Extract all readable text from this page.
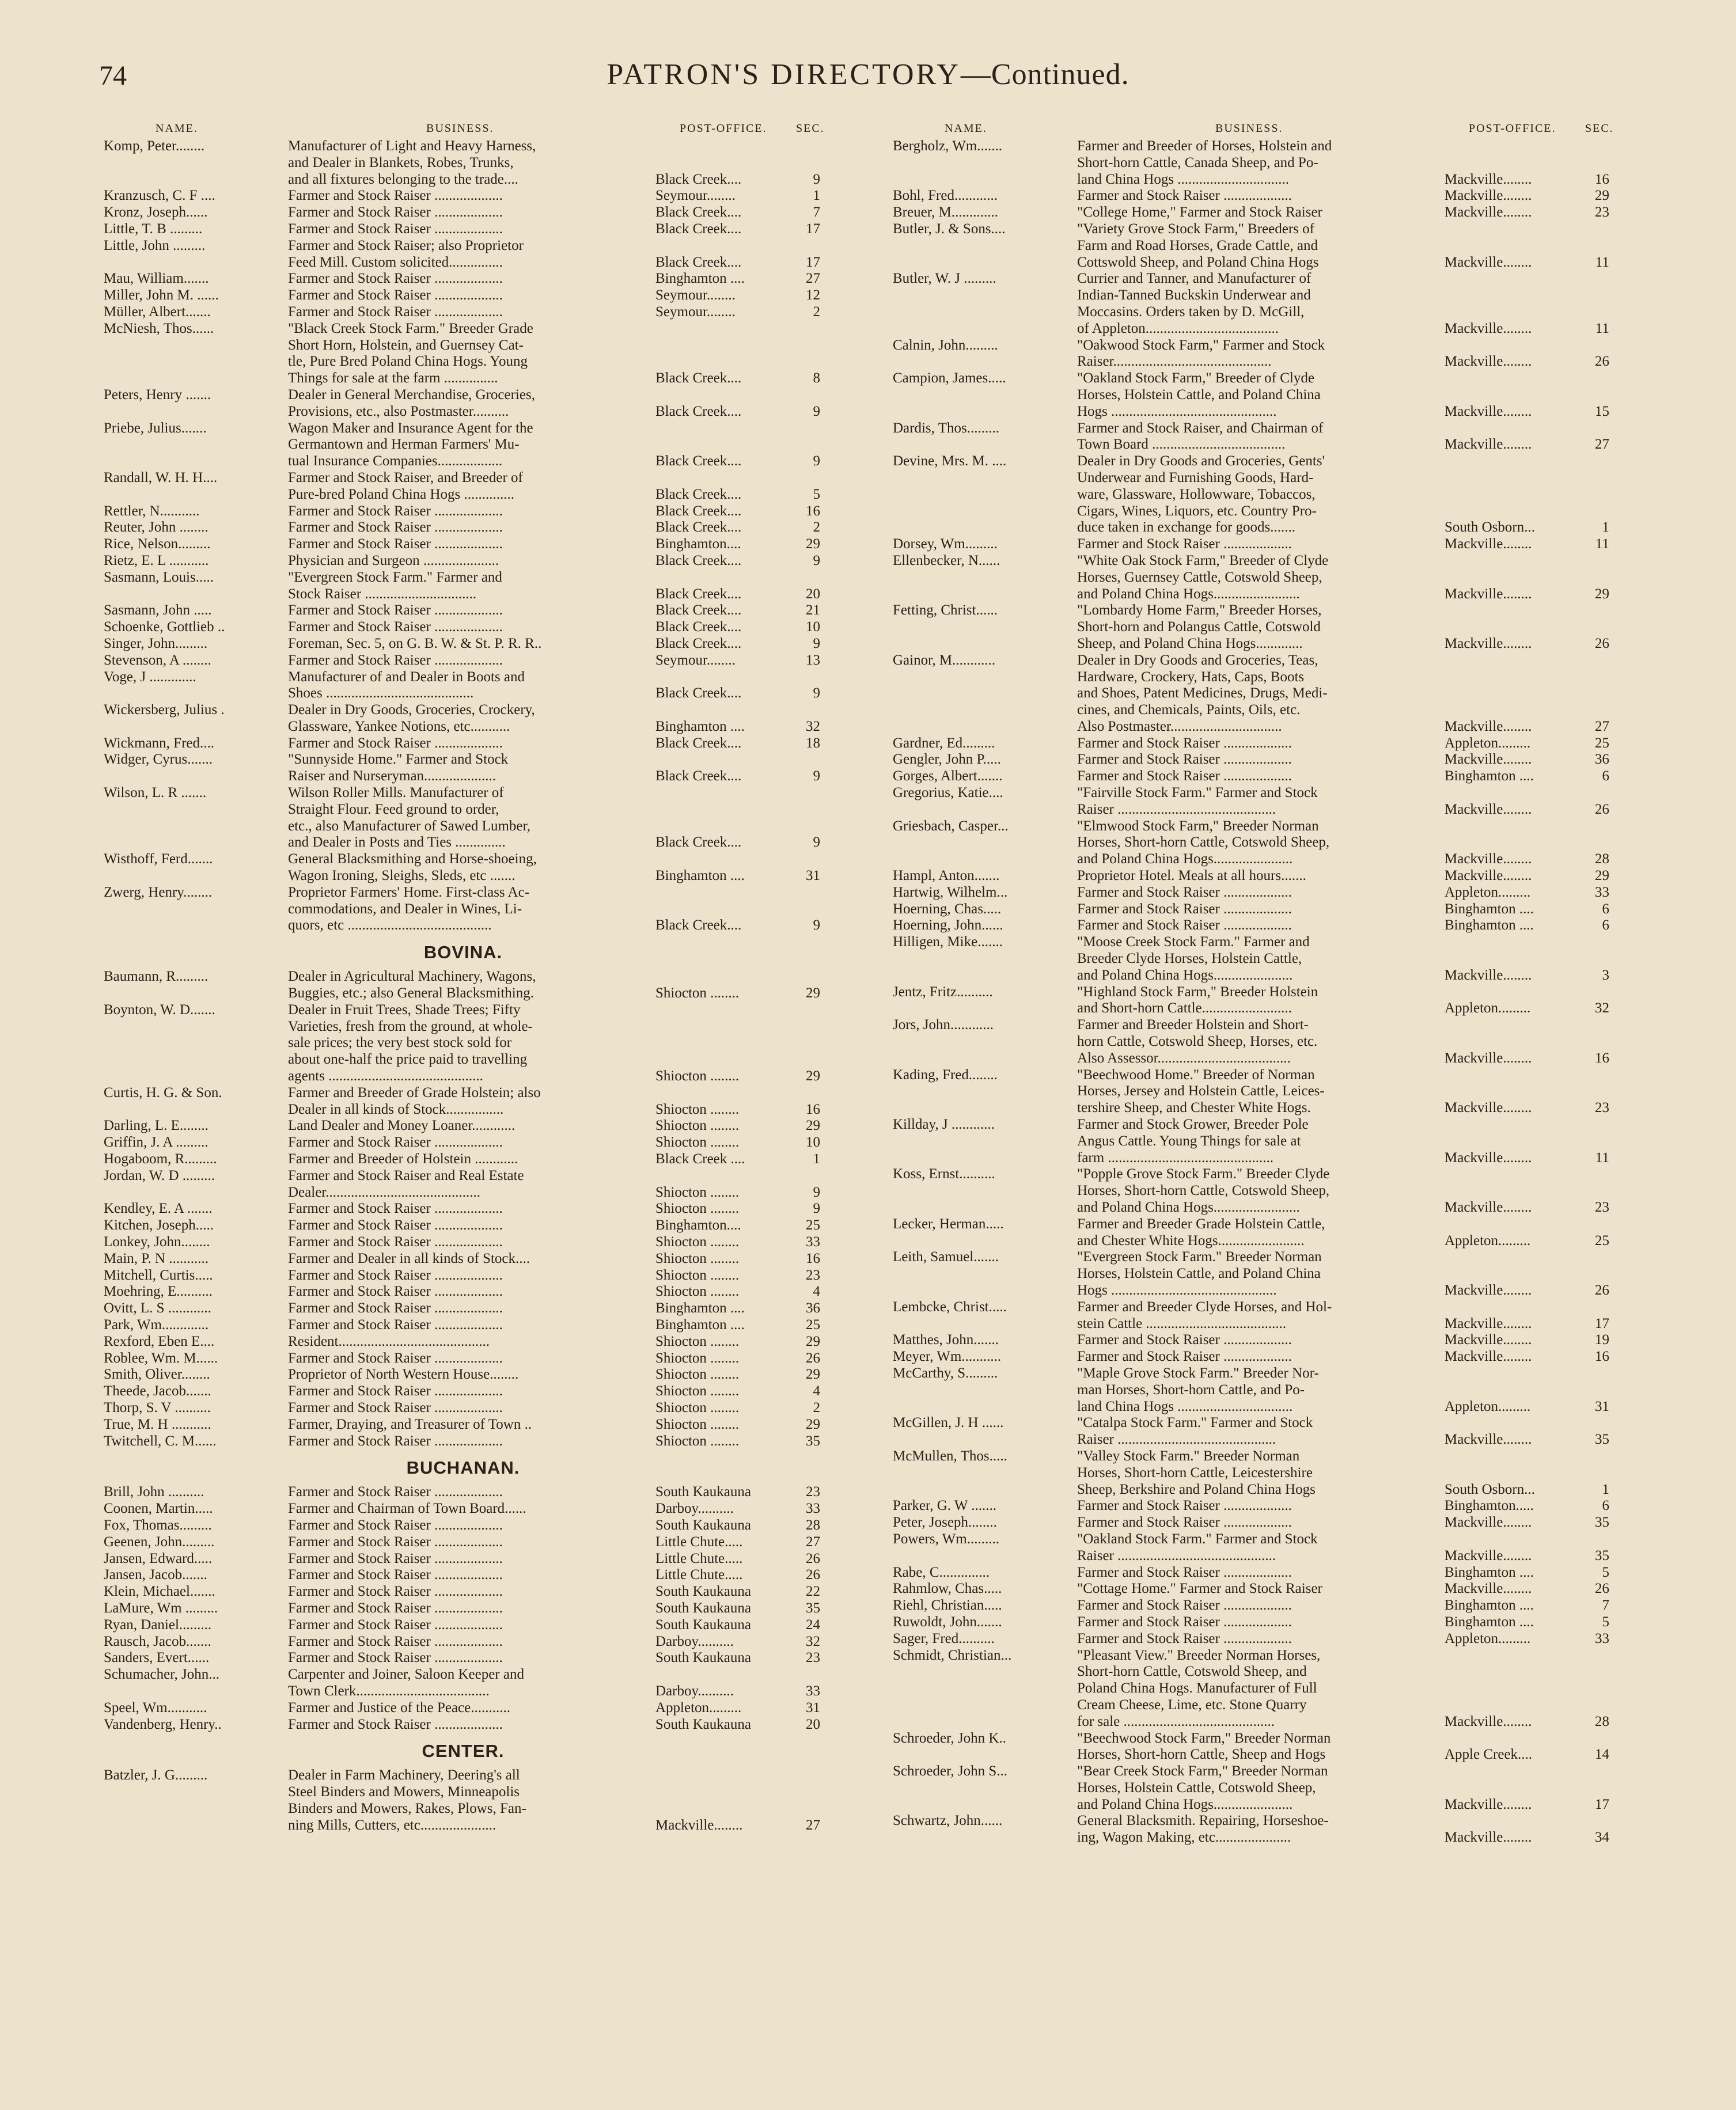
74	PATRON'S DIRECTORY—Continued.
NAME.	BUSINESS.	POST-OFFICE.	SEC.
Komp, Peter........	Manufacturer of Light and Heavy Harness,
and Dealer in Blankets, Robes, Trunks,
and all fixtures belonging to the trade....	Black Creek....	9
Kranzusch, C. F ....	Farmer and Stock Raiser ...................	Seymour........	1
Kronz, Joseph......	Farmer and Stock Raiser ...................	Black Creek....	7
Little, T. B .........	Farmer and Stock Raiser ...................	Black Creek....	17
Little, John .........	Farmer and Stock Raiser; also Proprietor
Feed Mill. Custom solicited...............	Black Creek....	17
Mau, William.......	Farmer and Stock Raiser ...................	Binghamton ....	27
Miller, John M. ......	Farmer and Stock Raiser ...................	Seymour........	12
Müller, Albert.......	Farmer and Stock Raiser ...................	Seymour........	2
McNiesh, Thos......	"Black Creek Stock Farm." Breeder Grade
Short Horn, Holstein, and Guernsey Cat-
tle, Pure Bred Poland China Hogs. Young
Things for sale at the farm ...............	Black Creek....	8
Peters, Henry .......	Dealer in General Merchandise, Groceries,
Provisions, etc., also Postmaster..........	Black Creek....	9
Priebe, Julius.......	Wagon Maker and Insurance Agent for the
Germantown and Herman Farmers' Mu-
tual Insurance Companies..................	Black Creek....	9
Randall, W. H. H....	Farmer and Stock Raiser, and Breeder of
Pure-bred Poland China Hogs ..............	Black Creek....	5
Rettler, N...........	Farmer and Stock Raiser ...................	Black Creek....	16
Reuter, John ........	Farmer and Stock Raiser ...................	Black Creek....	2
Rice, Nelson.........	Farmer and Stock Raiser ...................	Binghamton....	29
Rietz, E. L ...........	Physician and Surgeon .....................	Black Creek....	9
Sasmann, Louis.....	"Evergreen Stock Farm." Farmer and
Stock Raiser ...............................	Black Creek....	20
Sasmann, John .....	Farmer and Stock Raiser ...................	Black Creek....	21
Schoenke, Gottlieb ..	Farmer and Stock Raiser ...................	Black Creek....	10
Singer, John.........	Foreman, Sec. 5, on G. B. W. & St. P. R. R..	Black Creek....	9
Stevenson, A ........	Farmer and Stock Raiser ...................	Seymour........	13
Voge, J .............	Manufacturer of and Dealer in Boots and
Shoes .........................................	Black Creek....	9
Wickersberg, Julius .	Dealer in Dry Goods, Groceries, Crockery,
Glassware, Yankee Notions, etc...........	Binghamton ....	32
Wickmann, Fred....	Farmer and Stock Raiser ...................	Black Creek....	18
Widger, Cyrus.......	"Sunnyside Home." Farmer and Stock
Raiser and Nurseryman....................	Black Creek....	9
Wilson, L. R .......	Wilson Roller Mills. Manufacturer of
Straight Flour. Feed ground to order,
etc., also Manufacturer of Sawed Lumber,
and Dealer in Posts and Ties ..............	Black Creek....	9
Wisthoff, Ferd.......	General Blacksmithing and Horse-shoeing,
Wagon Ironing, Sleighs, Sleds, etc .......	Binghamton ....	31
Zwerg, Henry........	Proprietor Farmers' Home. First-class Ac-
commodations, and Dealer in Wines, Li-
quors, etc ........................................	Black Creek....	9
BOVINA.
Baumann, R.........	Dealer in Agricultural Machinery, Wagons,
Buggies, etc.; also General Blacksmithing.	Shiocton ........	29
Boynton, W. D.......	Dealer in Fruit Trees, Shade Trees; Fifty
Varieties, fresh from the ground, at whole-
sale prices; the very best stock sold for
about one-half the price paid to travelling
agents ...........................................	Shiocton ........	29
Curtis, H. G. & Son.	Farmer and Breeder of Grade Holstein; also
Dealer in all kinds of Stock................	Shiocton ........	16
Darling, L. E........	Land Dealer and Money Loaner............	Shiocton ........	29
Griffin, J. A .........	Farmer and Stock Raiser ...................	Shiocton ........	10
Hogaboom, R.........	Farmer and Breeder of Holstein ............	Black Creek ....	1
Jordan, W. D .........	Farmer and Stock Raiser and Real Estate
Dealer...........................................	Shiocton ........	9
Kendley, E. A .......	Farmer and Stock Raiser ...................	Shiocton ........	9
Kitchen, Joseph.....	Farmer and Stock Raiser ...................	Binghamton....	25
Lonkey, John........	Farmer and Stock Raiser ...................	Shiocton ........	33
Main, P. N ...........	Farmer and Dealer in all kinds of Stock....	Shiocton ........	16
Mitchell, Curtis.....	Farmer and Stock Raiser ...................	Shiocton ........	23
Moehring, E..........	Farmer and Stock Raiser ...................	Shiocton ........	4
Ovitt, L. S ............	Farmer and Stock Raiser ...................	Binghamton ....	36
Park, Wm.............	Farmer and Stock Raiser ...................	Binghamton ....	25
Rexford, Eben E....	Resident..........................................	Shiocton ........	29
Roblee, Wm. M......	Farmer and Stock Raiser ...................	Shiocton ........	26
Smith, Oliver........	Proprietor of North Western House........	Shiocton ........	29
Theede, Jacob.......	Farmer and Stock Raiser ...................	Shiocton ........	4
Thorp, S. V ..........	Farmer and Stock Raiser ...................	Shiocton ........	2
True, M. H ...........	Farmer, Draying, and Treasurer of Town ..	Shiocton ........	29
Twitchell, C. M......	Farmer and Stock Raiser ...................	Shiocton ........	35
BUCHANAN.
Brill, John ..........	Farmer and Stock Raiser ...................	South Kaukauna	23
Coonen, Martin.....	Farmer and Chairman of Town Board......	Darboy..........	33
Fox, Thomas.........	Farmer and Stock Raiser ...................	South Kaukauna	28
Geenen, John.........	Farmer and Stock Raiser ...................	Little Chute.....	27
Jansen, Edward.....	Farmer and Stock Raiser ...................	Little Chute.....	26
Jansen, Jacob.......	Farmer and Stock Raiser ...................	Little Chute.....	26
Klein, Michael.......	Farmer and Stock Raiser ...................	South Kaukauna	22
LaMure, Wm .........	Farmer and Stock Raiser ...................	South Kaukauna	35
Ryan, Daniel.........	Farmer and Stock Raiser ...................	South Kaukauna	24
Rausch, Jacob.......	Farmer and Stock Raiser ...................	Darboy..........	32
Sanders, Evert......	Farmer and Stock Raiser ...................	South Kaukauna	23
Schumacher, John...	Carpenter and Joiner, Saloon Keeper and
Town Clerk.....................................	Darboy..........	33
Speel, Wm...........	Farmer and Justice of the Peace...........	Appleton.........	31
Vandenberg, Henry..	Farmer and Stock Raiser ...................	South Kaukauna	20
CENTER.
Batzler, J. G.........	Dealer in Farm Machinery, Deering's all
Steel Binders and Mowers, Minneapolis
Binders and Mowers, Rakes, Plows, Fan-
ning Mills, Cutters, etc.....................	Mackville........	27
NAME.	BUSINESS.	POST-OFFICE.	SEC.
Bergholz, Wm.......	Farmer and Breeder of Horses, Holstein and
Short-horn Cattle, Canada Sheep, and Po-
land China Hogs ...............................	Mackville........	16
Bohl, Fred............	Farmer and Stock Raiser ...................	Mackville........	29
Breuer, M.............	"College Home," Farmer and Stock Raiser	Mackville........	23
Butler, J. & Sons....	"Variety Grove Stock Farm," Breeders of
Farm and Road Horses, Grade Cattle, and
Cottswold Sheep, and Poland China Hogs	Mackville........	11
Butler, W. J .........	Currier and Tanner, and Manufacturer of
Indian-Tanned Buckskin Underwear and
Moccasins. Orders taken by D. McGill,
of Appleton.....................................	Mackville........	11
Calnin, John.........	"Oakwood Stock Farm," Farmer and Stock
Raiser............................................	Mackville........	26
Campion, James.....	"Oakland Stock Farm," Breeder of Clyde
Horses, Holstein Cattle, and Poland China
Hogs ..............................................	Mackville........	15
Dardis, Thos.........	Farmer and Stock Raiser, and Chairman of
Town Board .....................................	Mackville........	27
Devine, Mrs. M. ....	Dealer in Dry Goods and Groceries, Gents'
Underwear and Furnishing Goods, Hard-
ware, Glassware, Hollowware, Tobaccos,
Cigars, Wines, Liquors, etc. Country Pro-
duce taken in exchange for goods.......	South Osborn...	1
Dorsey, Wm.........	Farmer and Stock Raiser ...................	Mackville........	11
Ellenbecker, N......	"White Oak Stock Farm," Breeder of Clyde
Horses, Guernsey Cattle, Cotswold Sheep,
and Poland China Hogs........................	Mackville........	29
Fetting, Christ......	"Lombardy Home Farm," Breeder Horses,
Short-horn and Polangus Cattle, Cotswold
Sheep, and Poland China Hogs.............	Mackville........	26
Gainor, M............	Dealer in Dry Goods and Groceries, Teas,
Hardware, Crockery, Hats, Caps, Boots
and Shoes, Patent Medicines, Drugs, Medi-
cines, and Chemicals, Paints, Oils, etc.
Also Postmaster...............................	Mackville........	27
Gardner, Ed.........	Farmer and Stock Raiser ...................	Appleton.........	25
Gengler, John P.....	Farmer and Stock Raiser ...................	Mackville........	36
Gorges, Albert.......	Farmer and Stock Raiser ...................	Binghamton ....	6
Gregorius, Katie....	"Fairville Stock Farm." Farmer and Stock
Raiser ............................................	Mackville........	26
Griesbach, Casper...	"Elmwood Stock Farm," Breeder Norman
Horses, Short-horn Cattle, Cotswold Sheep,
and Poland China Hogs......................	Mackville........	28
Hampl, Anton.......	Proprietor Hotel. Meals at all hours.......	Mackville........	29
Hartwig, Wilhelm...	Farmer and Stock Raiser ...................	Appleton.........	33
Hoerning, Chas.....	Farmer and Stock Raiser ...................	Binghamton ....	6
Hoerning, John......	Farmer and Stock Raiser ...................	Binghamton ....	6
Hilligen, Mike.......	"Moose Creek Stock Farm." Farmer and
Breeder Clyde Horses, Holstein Cattle,
and Poland China Hogs......................	Mackville........	3
Jentz, Fritz..........	"Highland Stock Farm," Breeder Holstein
and Short-horn Cattle.........................	Appleton.........	32
Jors, John............	Farmer and Breeder Holstein and Short-
horn Cattle, Cotswold Sheep, Horses, etc.
Also Assessor.....................................	Mackville........	16
Kading, Fred........	"Beechwood Home." Breeder of Norman
Horses, Jersey and Holstein Cattle, Leices-
tershire Sheep, and Chester White Hogs.	Mackville........	23
Killday, J ............	Farmer and Stock Grower, Breeder Pole
Angus Cattle. Young Things for sale at
farm ..............................................	Mackville........	11
Koss, Ernst..........	"Popple Grove Stock Farm." Breeder Clyde
Horses, Short-horn Cattle, Cotswold Sheep,
and Poland China Hogs........................	Mackville........	23
Lecker, Herman.....	Farmer and Breeder Grade Holstein Cattle,
and Chester White Hogs........................	Appleton.........	25
Leith, Samuel.......	"Evergreen Stock Farm." Breeder Norman
Horses, Holstein Cattle, and Poland China
Hogs ..............................................	Mackville........	26
Lembcke, Christ.....	Farmer and Breeder Clyde Horses, and Hol-
stein Cattle .......................................	Mackville........	17
Matthes, John.......	Farmer and Stock Raiser ...................	Mackville........	19
Meyer, Wm...........	Farmer and Stock Raiser ...................	Mackville........	16
McCarthy, S.........	"Maple Grove Stock Farm." Breeder Nor-
man Horses, Short-horn Cattle, and Po-
land China Hogs ................................	Appleton.........	31
McGillen, J. H ......	"Catalpa Stock Farm." Farmer and Stock
Raiser ............................................	Mackville........	35
McMullen, Thos.....	"Valley Stock Farm." Breeder Norman
Horses, Short-horn Cattle, Leicestershire
Sheep, Berkshire and Poland China Hogs	South Osborn...	1
Parker, G. W .......	Farmer and Stock Raiser ...................	Binghamton.....	6
Peter, Joseph........	Farmer and Stock Raiser ...................	Mackville........	35
Powers, Wm.........	"Oakland Stock Farm." Farmer and Stock
Raiser ............................................	Mackville........	35
Rabe, C..............	Farmer and Stock Raiser ...................	Binghamton ....	5
Rahmlow, Chas.....	"Cottage Home." Farmer and Stock Raiser	Mackville........	26
Riehl, Christian.....	Farmer and Stock Raiser ...................	Binghamton ....	7
Ruwoldt, John.......	Farmer and Stock Raiser ...................	Binghamton ....	5
Sager, Fred..........	Farmer and Stock Raiser ...................	Appleton.........	33
Schmidt, Christian...	"Pleasant View." Breeder Norman Horses,
Short-horn Cattle, Cotswold Sheep, and
Poland China Hogs. Manufacturer of Full
Cream Cheese, Lime, etc. Stone Quarry
for sale ..........................................	Mackville........	28
Schroeder, John K..	"Beechwood Stock Farm," Breeder Norman
Horses, Short-horn Cattle, Sheep and Hogs	Apple Creek....	14
Schroeder, John S...	"Bear Creek Stock Farm," Breeder Norman
Horses, Holstein Cattle, Cotswold Sheep,
and Poland China Hogs......................	Mackville........	17
Schwartz, John......	General Blacksmith. Repairing, Horseshoe-
ing, Wagon Making, etc.....................	Mackville........	34
